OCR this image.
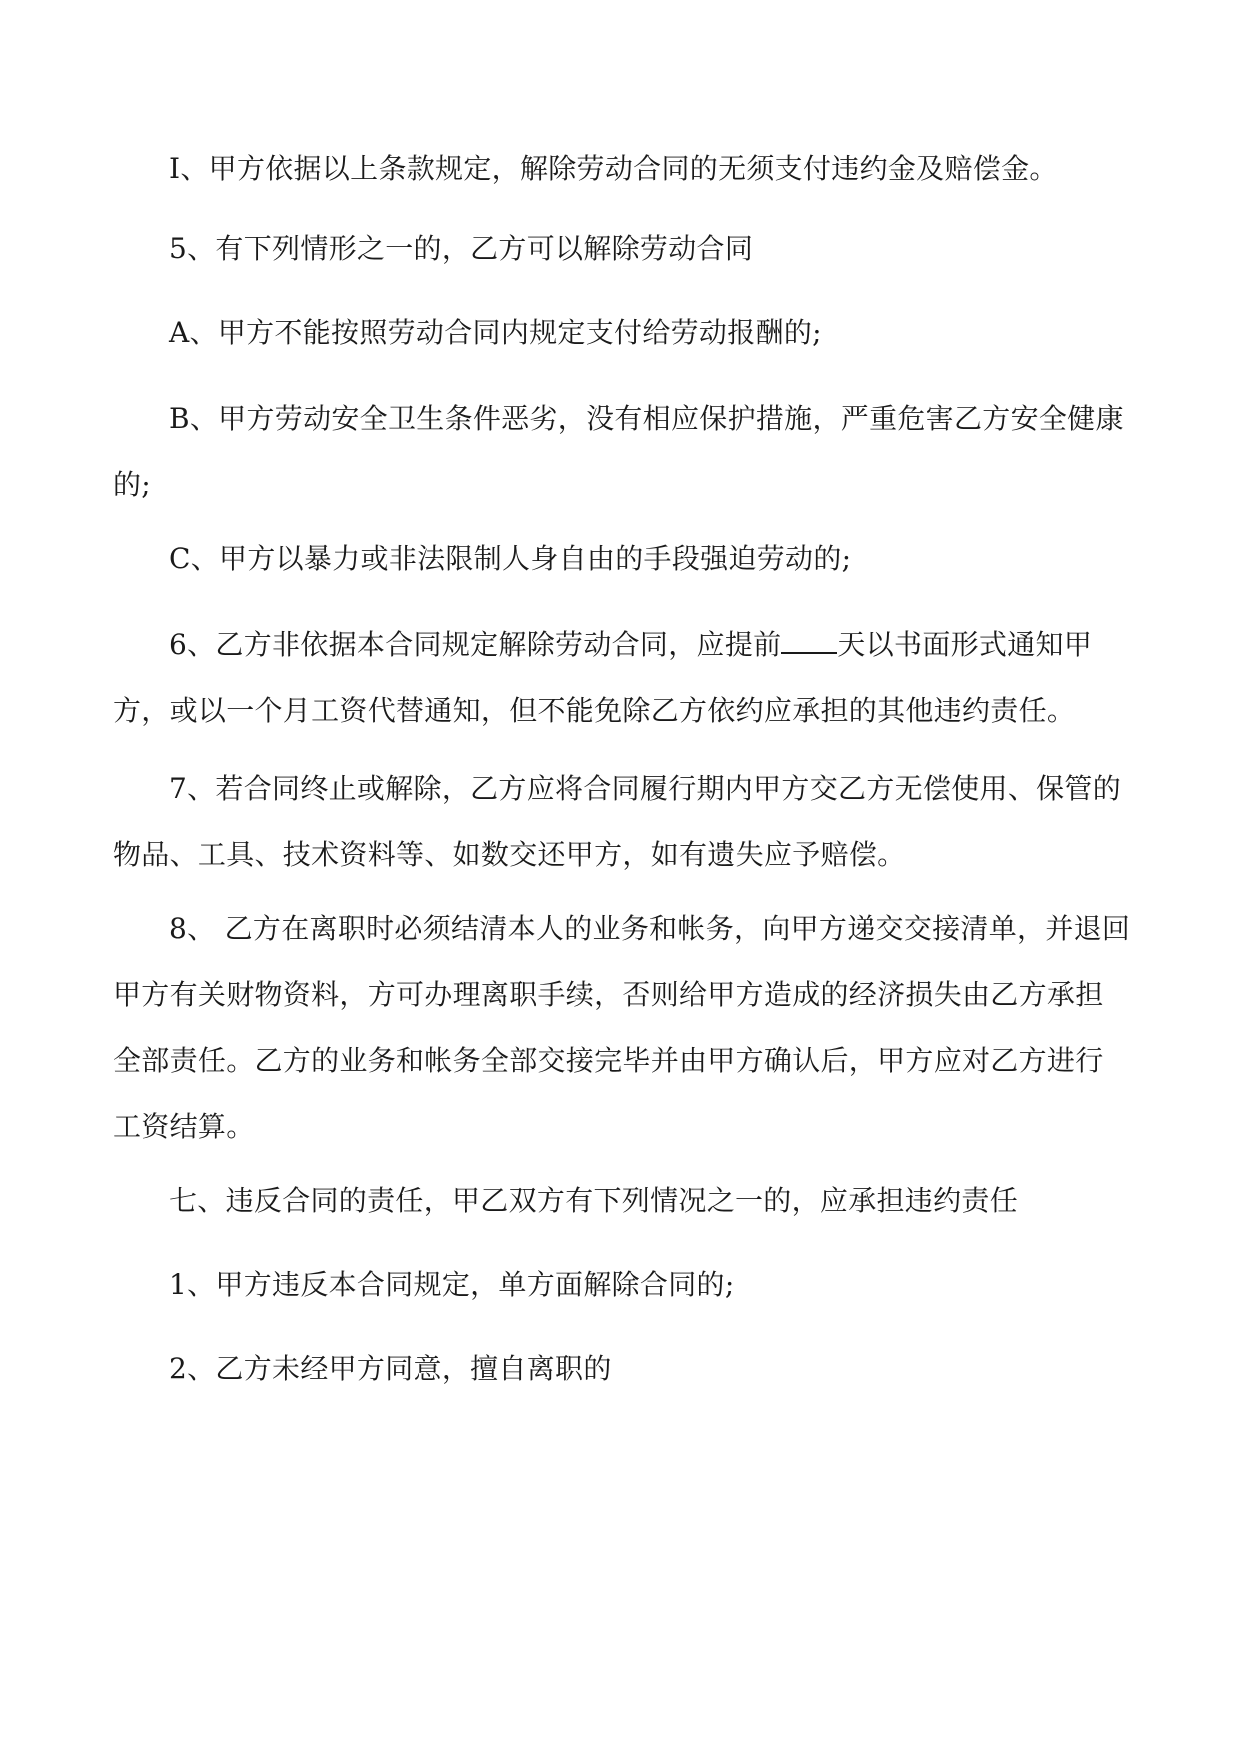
I、甲方依据以上条款规定，解除劳动合同的无须支付违约金及赔偿金。

5、有下列情形之一的，乙方可以解除劳动合同

A、甲方不能按照劳动合同内规定支付给劳动报酬的;

B、甲方劳动安全卫生条件恶劣，没有相应保护措施，严重危害乙方安全健康的;

C、甲方以暴力或非法限制人身自由的手段强迫劳动的;

6、乙方非依据本合同规定解除劳动合同，应提前 天以书面形式通知甲方，或以一个月工资代替通知，但不能免除乙方依约应承担的其他违约责任。

7、若合同终止或解除，乙方应将合同履行期内甲方交乙方无偿使用、保管的物品、工具、技术资料等、如数交还甲方，如有遗失应予赔偿。

8、 乙方在离职时必须结清本人的业务和帐务，向甲方递交交接清单，并退回甲方有关财物资料，方可办理离职手续，否则给甲方造成的经济损失由乙方承担全部责任。乙方的业务和帐务全部交接完毕并由甲方确认后，甲方应对乙方进行工资结算。

七、违反合同的责任，甲乙双方有下列情况之一的，应承担违约责任

1、甲方违反本合同规定，单方面解除合同的;

2、乙方未经甲方同意，擅自离职的
